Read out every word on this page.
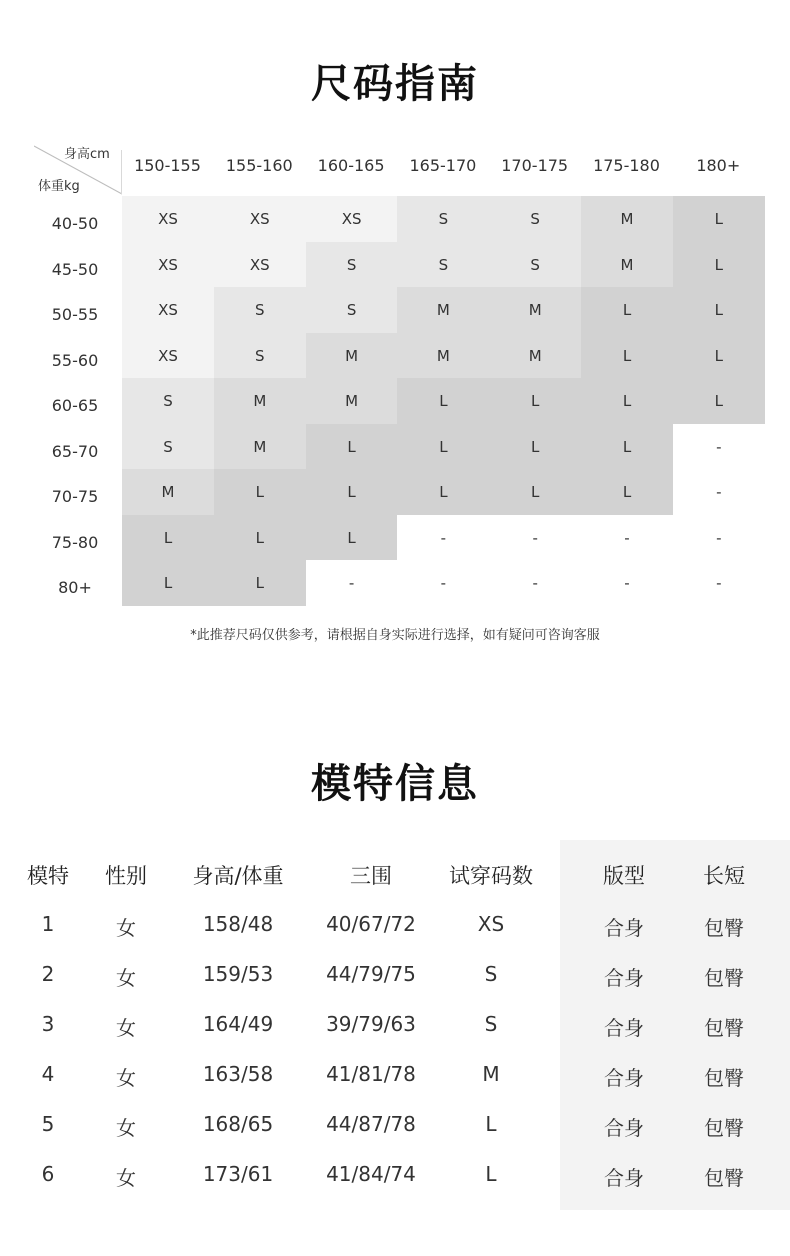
尺码指南
身高cm
体重kg
150-155	155-160	160-165	165-170	170-175	175-180	180+
40-50	XS	XS	XS	S	S	M	L
45-50	XS	XS	S	S	S	M	L
50-55	XS	S	S	M	M	L	L
55-60	XS	S	M	M	M	L	L
60-65	S	M	M	L	L	L	L
65-70	S	M	L	L	L	L	-
70-75	M	L	L	L	L	L	-
75-80	L	L	L	-	-	-	-
80+	L	L	-	-	-	-	-
*此推荐尺码仅供参考，请根据自身实际进行选择，如有疑问可咨询客服
模特信息
模特	性别	身高/体重	三围	试穿码数	版型	长短
1	女	158/48	40/67/72	XS	合身	包臀
2	女	159/53	44/79/75	S	合身	包臀
3	女	164/49	39/79/63	S	合身	包臀
4	女	163/58	41/81/78	M	合身	包臀
5	女	168/65	44/87/78	L	合身	包臀
6	女	173/61	41/84/74	L	合身	包臀
